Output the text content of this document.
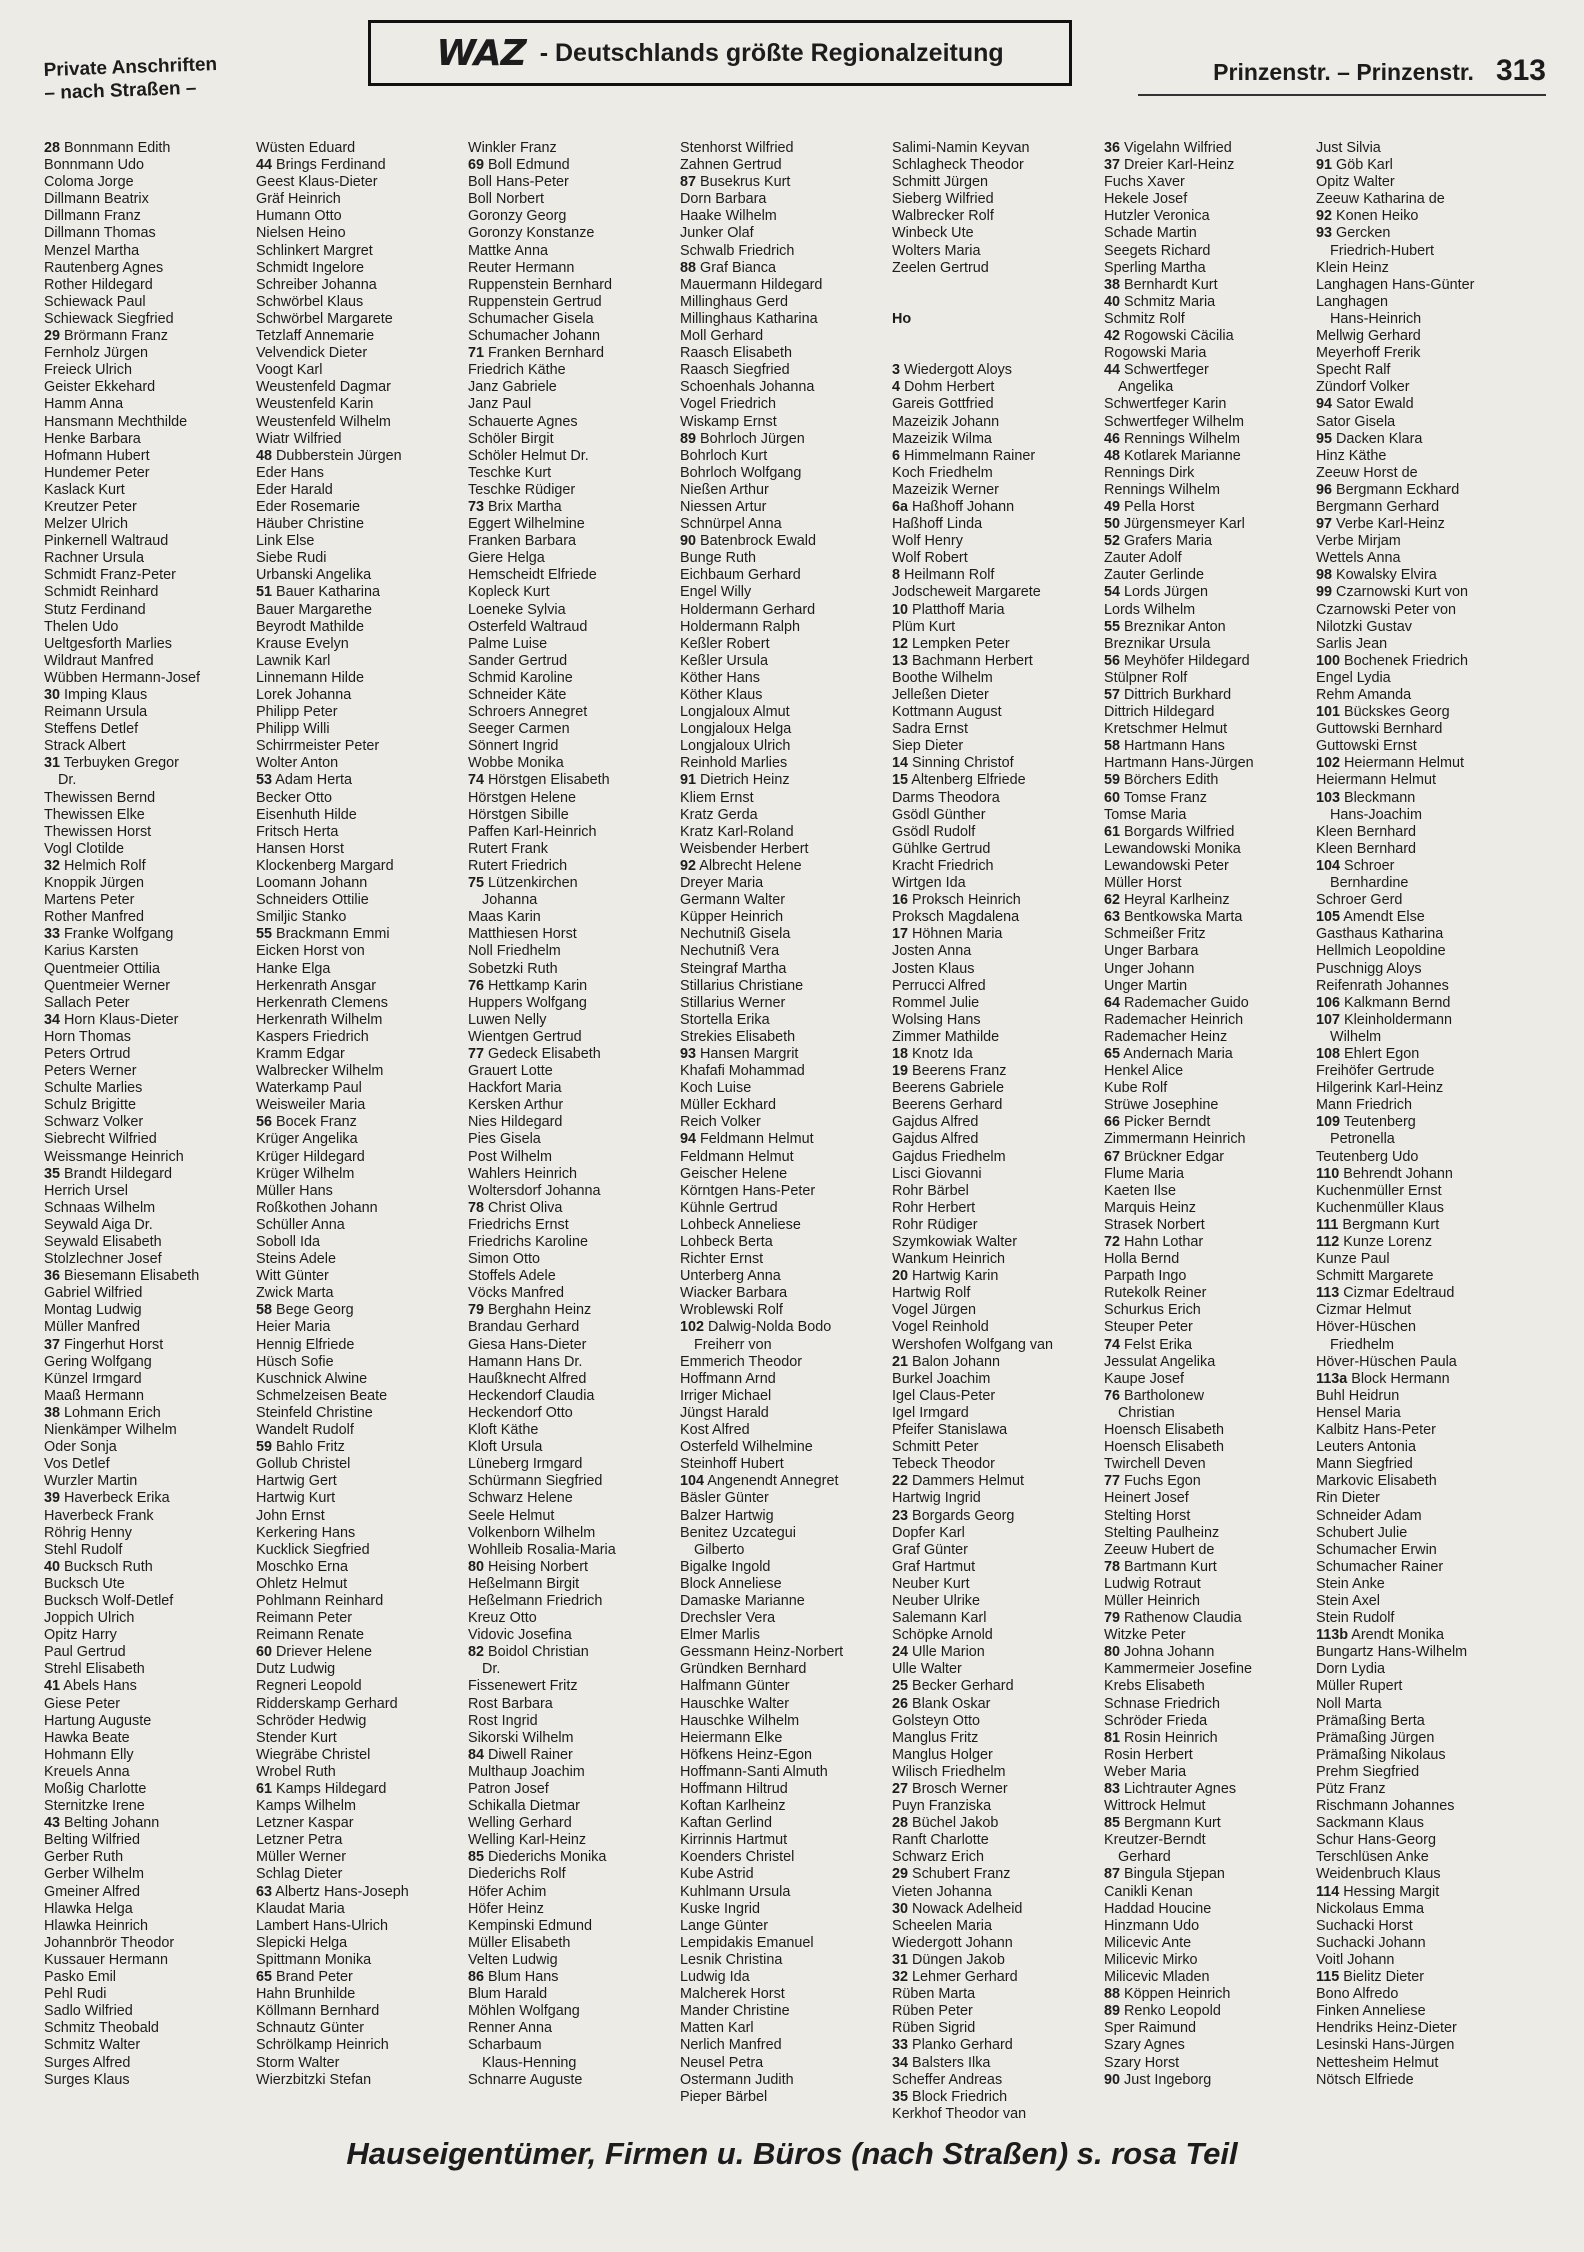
Private Anschriften
– nach Straßen –
WAZ - Deutschlands größte Regionalzeitung
Prinzenstr. – Prinzenstr. 313
28 Bonnmann Edith
Bonnmann Udo
Coloma Jorge
Dillmann Beatrix
Dillmann Franz
Dillmann Thomas
Menzel Martha
Rautenberg Agnes
Rother Hildegard
Schiewack Paul
Schiewack Siegfried
29 Brörmann Franz
Fernholz Jürgen
Freieck Ulrich
Geister Ekkehard
Hamm Anna
Hansmann Mechthilde
Henke Barbara
Hofmann Hubert
Hundemer Peter
Kaslack Kurt
Kreutzer Peter
Melzer Ulrich
Pinkernell Waltraud
Rachner Ursula
Schmidt Franz-Peter
Schmidt Reinhard
Stutz Ferdinand
Thelen Udo
Ueltgesforth Marlies
Wildraut Manfred
Wübben Hermann-Josef
30 Imping Klaus
Reimann Ursula
Steffens Detlef
Strack Albert
31 Terbuyken Gregor
Dr.
Thewissen Bernd
Thewissen Elke
Thewissen Horst
Vogl Clotilde
32 Helmich Rolf
Knoppik Jürgen
Martens Peter
Rother Manfred
33 Franke Wolfgang
Karius Karsten
Quentmeier Ottilia
Quentmeier Werner
Sallach Peter
34 Horn Klaus-Dieter
Horn Thomas
Peters Ortrud
Peters Werner
Schulte Marlies
Schulz Brigitte
Schwarz Volker
Siebrecht Wilfried
Weissmange Heinrich
35 Brandt Hildegard
Herrich Ursel
Schnaas Wilhelm
Seywald Aiga Dr.
Seywald Elisabeth
Stolzlechner Josef
36 Biesemann Elisabeth
Gabriel Wilfried
Montag Ludwig
Müller Manfred
37 Fingerhut Horst
Gering Wolfgang
Künzel Irmgard
Maaß Hermann
38 Lohmann Erich
Nienkämper Wilhelm
Oder Sonja
Vos Detlef
Wurzler Martin
39 Haverbeck Erika
Haverbeck Frank
Röhrig Henny
Stehl Rudolf
40 Bucksch Ruth
Bucksch Ute
Bucksch Wolf-Detlef
Joppich Ulrich
Opitz Harry
Paul Gertrud
Strehl Elisabeth
41 Abels Hans
Giese Peter
Hartung Auguste
Hawka Beate
Hohmann Elly
Kreuels Anna
Moßig Charlotte
Sternitzke Irene
43 Belting Johann
Belting Wilfried
Gerber Ruth
Gerber Wilhelm
Gmeiner Alfred
Hlawka Helga
Hlawka Heinrich
Johannbrör Theodor
Kussauer Hermann
Pasko Emil
Pehl Rudi
Sadlo Wilfried
Schmitz Theobald
Schmitz Walter
Surges Alfred
Surges Klaus
Wüsten Eduard
44 Brings Ferdinand
Geest Klaus-Dieter
Gräf Heinrich
Humann Otto
Nielsen Heino
Schlinkert Margret
Schmidt Ingelore
Schreiber Johanna
Schwörbel Klaus
Schwörbel Margarete
Tetzlaff Annemarie
Velvendick Dieter
Voogt Karl
Weustenfeld Dagmar
Weustenfeld Karin
Weustenfeld Wilhelm
Wiatr Wilfried
48 Dubberstein Jürgen
Eder Hans
Eder Harald
Eder Rosemarie
Häuber Christine
Link Else
Siebe Rudi
Urbanski Angelika
51 Bauer Katharina
Bauer Margarethe
Beyrodt Mathilde
Krause Evelyn
Lawnik Karl
Linnemann Hilde
Lorek Johanna
Philipp Peter
Philipp Willi
Schirrmeister Peter
Wolter Anton
53 Adam Herta
Becker Otto
Eisenhuth Hilde
Fritsch Herta
Hansen Horst
Klockenberg Margard
Loomann Johann
Schneiders Ottilie
Smiljic Stanko
55 Brackmann Emmi
Eicken Horst von
Hanke Elga
Herkenrath Ansgar
Herkenrath Clemens
Herkenrath Wilhelm
Kaspers Friedrich
Kramm Edgar
Walbrecker Wilhelm
Waterkamp Paul
Weisweiler Maria
56 Bocek Franz
Krüger Angelika
Krüger Hildegard
Krüger Wilhelm
Müller Hans
Roßkothen Johann
Schüller Anna
Soboll Ida
Steins Adele
Witt Günter
Zwick Marta
58 Bege Georg
Heier Maria
Hennig Elfriede
Hüsch Sofie
Kuschnick Alwine
Schmelzeisen Beate
Steinfeld Christine
Wandelt Rudolf
59 Bahlo Fritz
Gollub Christel
Hartwig Gert
Hartwig Kurt
John Ernst
Kerkering Hans
Kucklick Siegfried
Moschko Erna
Ohletz Helmut
Pohlmann Reinhard
Reimann Peter
Reimann Renate
60 Driever Helene
Dutz Ludwig
Regneri Leopold
Ridderskamp Gerhard
Schröder Hedwig
Stender Kurt
Wiegräbe Christel
Wrobel Ruth
61 Kamps Hildegard
Kamps Wilhelm
Letzner Kaspar
Letzner Petra
Müller Werner
Schlag Dieter
63 Albertz Hans-Joseph
Klaudat Maria
Lambert Hans-Ulrich
Slepicki Helga
Spittmann Monika
65 Brand Peter
Hahn Brunhilde
Köllmann Bernhard
Schnautz Günter
Schrölkamp Heinrich
Storm Walter
Wierzbitzki Stefan
Winkler Franz
69 Boll Edmund
Boll Hans-Peter
Boll Norbert
Goronzy Georg
Goronzy Konstanze
Mattke Anna
Reuter Hermann
Ruppenstein Bernhard
Ruppenstein Gertrud
Schumacher Gisela
Schumacher Johann
71 Franken Bernhard
Friedrich Käthe
Janz Gabriele
Janz Paul
Schauerte Agnes
Schöler Birgit
Schöler Helmut Dr.
Teschke Kurt
Teschke Rüdiger
73 Brix Martha
Eggert Wilhelmine
Franken Barbara
Giere Helga
Hemscheidt Elfriede
Kopleck Kurt
Loeneke Sylvia
Osterfeld Waltraud
Palme Luise
Sander Gertrud
Schmid Karoline
Schneider Käte
Schroers Annegret
Seeger Carmen
Sönnert Ingrid
Wobbe Monika
74 Hörstgen Elisabeth
Hörstgen Helene
Hörstgen Sibille
Paffen Karl-Heinrich
Rutert Frank
Rutert Friedrich
75 Lützenkirchen
Johanna
Maas Karin
Matthiesen Horst
Noll Friedhelm
Sobetzki Ruth
76 Hettkamp Karin
Huppers Wolfgang
Luwen Nelly
Wientgen Gertrud
77 Gedeck Elisabeth
Grauert Lotte
Hackfort Maria
Kersken Arthur
Nies Hildegard
Pies Gisela
Post Wilhelm
Wahlers Heinrich
Woltersdorf Johanna
78 Christ Oliva
Friedrichs Ernst
Friedrichs Karoline
Simon Otto
Stoffels Adele
Vöcks Manfred
79 Berghahn Heinz
Brandau Gerhard
Giesa Hans-Dieter
Hamann Hans Dr.
Haußknecht Alfred
Heckendorf Claudia
Heckendorf Otto
Kloft Käthe
Kloft Ursula
Lüneberg Irmgard
Schürmann Siegfried
Schwarz Helene
Seele Helmut
Volkenborn Wilhelm
Wohlleib Rosalia-Maria
80 Heising Norbert
Heßelmann Birgit
Heßelmann Friedrich
Kreuz Otto
Vidovic Josefina
82 Boidol Christian
Dr.
Fissenewert Fritz
Rost Barbara
Rost Ingrid
Sikorski Wilhelm
84 Diwell Rainer
Multhaup Joachim
Patron Josef
Schikalla Dietmar
Welling Gerhard
Welling Karl-Heinz
85 Diederichs Monika
Diederichs Rolf
Höfer Achim
Höfer Heinz
Kempinski Edmund
Müller Elisabeth
Velten Ludwig
86 Blum Hans
Blum Harald
Möhlen Wolfgang
Renner Anna
Scharbaum
Klaus-Henning
Schnarre Auguste
Stenhorst Wilfried
Zahnen Gertrud
87 Busekrus Kurt
Dorn Barbara
Haake Wilhelm
Junker Olaf
Schwalb Friedrich
88 Graf Bianca
Mauermann Hildegard
Millinghaus Gerd
Millinghaus Katharina
Moll Gerhard
Raasch Elisabeth
Raasch Siegfried
Schoenhals Johanna
Vogel Friedrich
Wiskamp Ernst
89 Bohrloch Jürgen
Bohrloch Kurt
Bohrloch Wolfgang
Nießen Arthur
Niessen Artur
Schnürpel Anna
90 Batenbrock Ewald
Bunge Ruth
Eichbaum Gerhard
Engel Willy
Holdermann Gerhard
Holdermann Ralph
Keßler Robert
Keßler Ursula
Köther Hans
Köther Klaus
Longjaloux Almut
Longjaloux Helga
Longjaloux Ulrich
Reinhold Marlies
91 Dietrich Heinz
Kliem Ernst
Kratz Gerda
Kratz Karl-Roland
Weisbender Herbert
92 Albrecht Helene
Dreyer Maria
Germann Walter
Küpper Heinrich
Nechutniß Gisela
Nechutniß Vera
Steingraf Martha
Stillarius Christiane
Stillarius Werner
Stortella Erika
Strekies Elisabeth
93 Hansen Margrit
Khafafi Mohammad
Koch Luise
Müller Eckhard
Reich Volker
94 Feldmann Helmut
Feldmann Helmut
Geischer Helene
Körntgen Hans-Peter
Kühnle Gertrud
Lohbeck Anneliese
Lohbeck Berta
Richter Ernst
Unterberg Anna
Wiacker Barbara
Wroblewski Rolf
102 Dalwig-Nolda Bodo
Freiherr von
Emmerich Theodor
Hoffmann Arnd
Irriger Michael
Jüngst Harald
Kost Alfred
Osterfeld Wilhelmine
Steinhoff Hubert
104 Angenendt Annegret
Bäsler Günter
Balzer Hartwig
Benitez Uzcategui
Gilberto
Bigalke Ingold
Block Anneliese
Damaske Marianne
Drechsler Vera
Elmer Marlis
Gessmann Heinz-Norbert
Gründken Bernhard
Halfmann Günter
Hauschke Walter
Hauschke Wilhelm
Heiermann Elke
Höfkens Heinz-Egon
Hoffmann-Santi Almuth
Hoffmann Hiltrud
Koftan Karlheinz
Kaftan Gerlind
Kirrinnis Hartmut
Koenders Christel
Kube Astrid
Kuhlmann Ursula
Kuske Ingrid
Lange Günter
Lempidakis Emanuel
Lesnik Christina
Ludwig Ida
Malcherek Horst
Mander Christine
Matten Karl
Nerlich Manfred
Neusel Petra
Ostermann Judith
Pieper Bärbel
Salimi-Namin Keyvan
Schlagheck Theodor
Schmitt Jürgen
Sieberg Wilfried
Walbrecker Rolf
Winbeck Ute
Wolters Maria
Zeelen Gertrud
Ho
3 Wiedergott Aloys
4 Dohm Herbert
Gareis Gottfried
Mazeizik Johann
Mazeizik Wilma
6 Himmelmann Rainer
Koch Friedhelm
Mazeizik Werner
6a Haßhoff Johann
Haßhoff Linda
Wolf Henry
Wolf Robert
8 Heilmann Rolf
Jodscheweit Margarete
10 Platthoff Maria
Plüm Kurt
12 Lempken Peter
13 Bachmann Herbert
Boothe Wilhelm
Jelleßen Dieter
Kottmann August
Sadra Ernst
Siep Dieter
14 Sinning Christof
15 Altenberg Elfriede
Darms Theodora
Gsödl Günther
Gsödl Rudolf
Gühlke Gertrud
Kracht Friedrich
Wirtgen Ida
16 Proksch Heinrich
Proksch Magdalena
17 Höhnen Maria
Josten Anna
Josten Klaus
Perrucci Alfred
Rommel Julie
Wolsing Hans
Zimmer Mathilde
18 Knotz Ida
19 Beerens Franz
Beerens Gabriele
Beerens Gerhard
Gajdus Alfred
Gajdus Alfred
Gajdus Friedhelm
Lisci Giovanni
Rohr Bärbel
Rohr Herbert
Rohr Rüdiger
Szymkowiak Walter
Wankum Heinrich
20 Hartwig Karin
Hartwig Rolf
Vogel Jürgen
Vogel Reinhold
Wershofen Wolfgang van
21 Balon Johann
Burkel Joachim
Igel Claus-Peter
Igel Irmgard
Pfeifer Stanislawa
Schmitt Peter
Tebeck Theodor
22 Dammers Helmut
Hartwig Ingrid
23 Borgards Georg
Dopfer Karl
Graf Günter
Graf Hartmut
Neuber Kurt
Neuber Ulrike
Salemann Karl
Schöpke Arnold
24 Ulle Marion
Ulle Walter
25 Becker Gerhard
26 Blank Oskar
Golsteyn Otto
Manglus Fritz
Manglus Holger
Wilisch Friedhelm
27 Brosch Werner
Puyn Franziska
28 Büchel Jakob
Ranft Charlotte
Schwarz Erich
29 Schubert Franz
Vieten Johanna
30 Nowack Adelheid
Scheelen Maria
Wiedergott Johann
31 Düngen Jakob
32 Lehmer Gerhard
Rüben Marta
Rüben Peter
Rüben Sigrid
33 Planko Gerhard
34 Balsters Ilka
Scheffer Andreas
35 Block Friedrich
Kerkhof Theodor van
36 Vigelahn Wilfried
37 Dreier Karl-Heinz
Fuchs Xaver
Hekele Josef
Hutzler Veronica
Schade Martin
Seegets Richard
Sperling Martha
38 Bernhardt Kurt
40 Schmitz Maria
Schmitz Rolf
42 Rogowski Cäcilia
Rogowski Maria
44 Schwertfeger
Angelika
Schwertfeger Karin
Schwertfeger Wilhelm
46 Rennings Wilhelm
48 Kotlarek Marianne
Rennings Dirk
Rennings Wilhelm
49 Pella Horst
50 Jürgensmeyer Karl
52 Grafers Maria
Zauter Adolf
Zauter Gerlinde
54 Lords Jürgen
Lords Wilhelm
55 Breznikar Anton
Breznikar Ursula
56 Meyhöfer Hildegard
Stülpner Rolf
57 Dittrich Burkhard
Dittrich Hildegard
Kretschmer Helmut
58 Hartmann Hans
Hartmann Hans-Jürgen
59 Börchers Edith
60 Tomse Franz
Tomse Maria
61 Borgards Wilfried
Lewandowski Monika
Lewandowski Peter
Müller Horst
62 Heyral Karlheinz
63 Bentkowska Marta
Schmeißer Fritz
Unger Barbara
Unger Johann
Unger Martin
64 Rademacher Guido
Rademacher Heinrich
Rademacher Heinz
65 Andernach Maria
Henkel Alice
Kube Rolf
Strüwe Josephine
66 Picker Berndt
Zimmermann Heinrich
67 Brückner Edgar
Flume Maria
Kaeten Ilse
Marquis Heinz
Strasek Norbert
72 Hahn Lothar
Holla Bernd
Parpath Ingo
Rutekolk Reiner
Schurkus Erich
Steuper Peter
74 Felst Erika
Jessulat Angelika
Kaupe Josef
76 Bartholonew
Christian
Hoensch Elisabeth
Hoensch Elisabeth
Twirchell Deven
77 Fuchs Egon
Heinert Josef
Stelting Horst
Stelting Paulheinz
Zeeuw Hubert de
78 Bartmann Kurt
Ludwig Rotraut
Müller Heinrich
79 Rathenow Claudia
Witzke Peter
80 Johna Johann
Kammermeier Josefine
Krebs Elisabeth
Schnase Friedrich
Schröder Frieda
81 Rosin Heinrich
Rosin Herbert
Weber Maria
83 Lichtrauter Agnes
Wittrock Helmut
85 Bergmann Kurt
Kreutzer-Berndt
Gerhard
87 Bingula Stjepan
Canikli Kenan
Haddad Houcine
Hinzmann Udo
Milicevic Ante
Milicevic Mirko
Milicevic Mladen
88 Köppen Heinrich
89 Renko Leopold
Sper Raimund
Szary Agnes
Szary Horst
90 Just Ingeborg
Just Silvia
91 Göb Karl
Opitz Walter
Zeeuw Katharina de
92 Konen Heiko
93 Gercken
Friedrich-Hubert
Klein Heinz
Langhagen Hans-Günter
Langhagen
Hans-Heinrich
Mellwig Gerhard
Meyerhoff Frerik
Specht Ralf
Zündorf Volker
94 Sator Ewald
Sator Gisela
95 Dacken Klara
Hinz Käthe
Zeeuw Horst de
96 Bergmann Eckhard
Bergmann Gerhard
97 Verbe Karl-Heinz
Verbe Mirjam
Wettels Anna
98 Kowalsky Elvira
99 Czarnowski Kurt von
Czarnowski Peter von
Nilotzki Gustav
Sarlis Jean
100 Bochenek Friedrich
Engel Lydia
Rehm Amanda
101 Bückskes Georg
Guttowski Bernhard
Guttowski Ernst
102 Heiermann Helmut
Heiermann Helmut
103 Bleckmann
Hans-Joachim
Kleen Bernhard
Kleen Bernhard
104 Schroer
Bernhardine
Schroer Gerd
105 Amendt Else
Gasthaus Katharina
Hellmich Leopoldine
Puschnigg Aloys
Reifenrath Johannes
106 Kalkmann Bernd
107 Kleinholdermann
Wilhelm
108 Ehlert Egon
Freihöfer Gertrude
Hilgerink Karl-Heinz
Mann Friedrich
109 Teutenberg
Petronella
Teutenberg Udo
110 Behrendt Johann
Kuchenmüller Ernst
Kuchenmüller Klaus
111 Bergmann Kurt
112 Kunze Lorenz
Kunze Paul
Schmitt Margarete
113 Cizmar Edeltraud
Cizmar Helmut
Höver-Hüschen
Friedhelm
Höver-Hüschen Paula
113a Block Hermann
Buhl Heidrun
Hensel Maria
Kalbitz Hans-Peter
Leuters Antonia
Mann Siegfried
Markovic Elisabeth
Rin Dieter
Schneider Adam
Schubert Julie
Schumacher Erwin
Schumacher Rainer
Stein Anke
Stein Axel
Stein Rudolf
113b Arendt Monika
Bungartz Hans-Wilhelm
Dorn Lydia
Müller Rupert
Noll Marta
Prämaßing Berta
Prämaßing Jürgen
Prämaßing Nikolaus
Prehm Siegfried
Pütz Franz
Rischmann Johannes
Sackmann Klaus
Schur Hans-Georg
Terschlüsen Anke
Weidenbruch Klaus
114 Hessing Margit
Nickolaus Emma
Suchacki Horst
Suchacki Johann
Voitl Johann
115 Bielitz Dieter
Bono Alfredo
Finken Anneliese
Hendriks Heinz-Dieter
Lesinski Hans-Jürgen
Nettesheim Helmut
Nötsch Elfriede
Hauseigentümer, Firmen u. Büros (nach Straßen) s. rosa Teil
